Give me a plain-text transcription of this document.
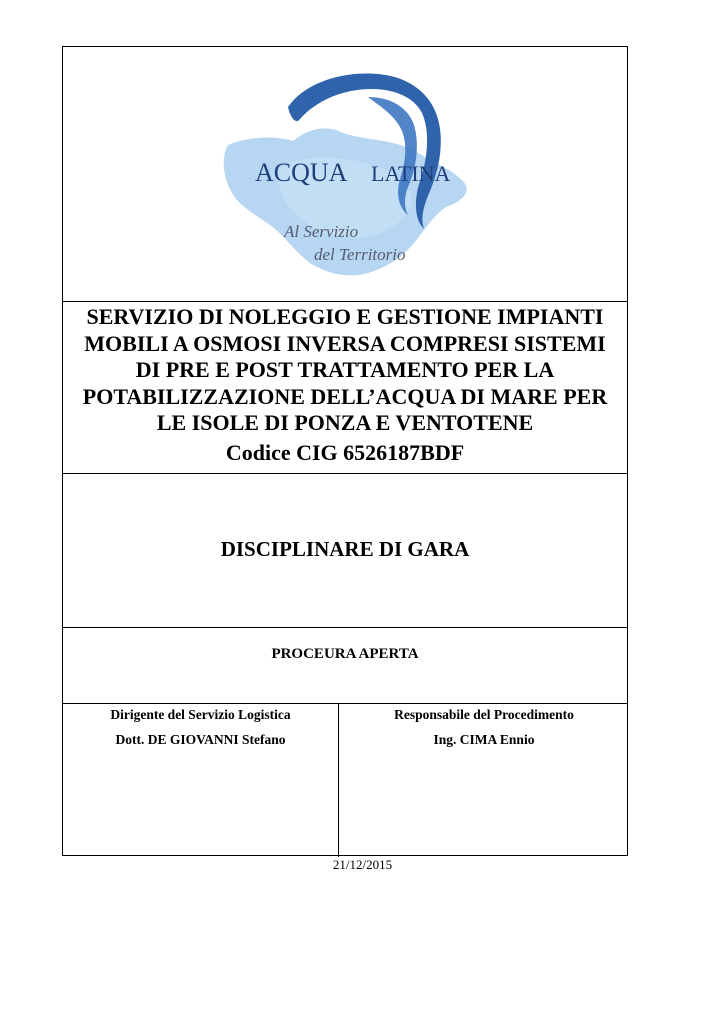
ACQUA LATINA
Al Servizio
del Territorio
SERVIZIO DI NOLEGGIO E GESTIONE IMPIANTI
MOBILI A OSMOSI INVERSA COMPRESI SISTEMI
DI PRE E POST TRATTAMENTO PER LA
POTABILIZZAZIONE DELL’ACQUA DI MARE PER
LE ISOLE DI PONZA E VENTOTENE

Codice CIG 6526187BDF

DISCIPLINARE DI GARA

PROCEURA APERTA

Dirigente del Servizio Logistica

Dott. DE GIOVANNI Stefano

Responsabile del Procedimento

Ing. CIMA Ennio

21/12/2015
